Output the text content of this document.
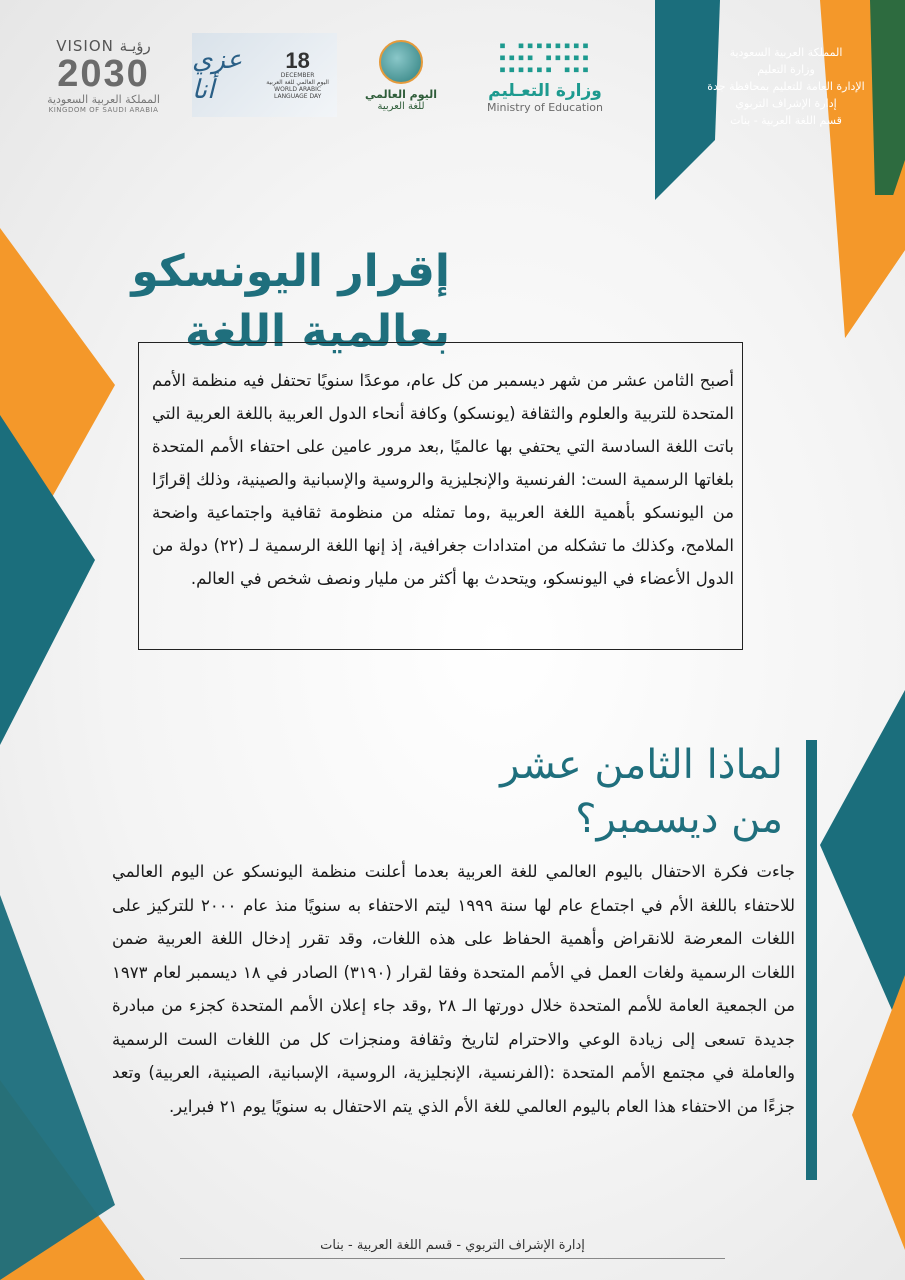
VISION رؤيـة
2030
المملكة العربية السعودية
KINGDOM OF SAUDI ARABIA
عزي أنا
18
DECEMBER
اليوم العالمي للغة العربية
WORLD ARABIC LANGUAGE DAY	اليوم العالمي
للغة العربية
▪ ▪▪▪▪▪▪▪▪
▪▪▪▪ ▪▪▪▪▪
▪▪▪▪▪▪ ▪▪▪
وزارة التعـليم
Ministry of Education
المملكة العربية السعودية
وزارة التعليم
الإدارة العامة للتعليم بمحافظة جدة
إدارة الإشراف التربوي
قسم اللغة العربية - بنات
إقرار اليونسكو
بعالمية اللغة
أصبح الثامن عشر من شهر ديسمبر من كل عام، موعدًا سنويًا تحتفل فيه منظمة الأمم المتحدة للتربية والعلوم والثقافة (يونسكو) وكافة أنحاء الدول العربية باللغة العربية التي باتت اللغة السادسة التي يحتفي بها عالميًا ,بعد مرور عامين على احتفاء الأمم المتحدة بلغاتها الرسمية الست: الفرنسية والإنجليزية والروسية والإسبانية والصينية، وذلك إقرارًا من اليونسكو بأهمية اللغة العربية ,وما تمثله من منظومة ثقافية واجتماعية واضحة الملامح، وكذلك ما تشكله من امتدادات جغرافية، إذ إنها اللغة الرسمية لـ (٢٢) دولة من الدول الأعضاء في اليونسكو، ويتحدث بها أكثر من مليار ونصف شخص في العالم.
لماذا الثامن عشر
من ديسمبر؟
جاءت فكرة الاحتفال باليوم العالمي للغة العربية بعدما أعلنت منظمة اليونسكو عن اليوم العالمي للاحتفاء باللغة الأم في اجتماع عام لها سنة ١٩٩٩ ليتم الاحتفاء به سنويًا منذ عام ٢٠٠٠ للتركيز على اللغات المعرضة للانقراض وأهمية الحفاظ على هذه اللغات، وقد تقرر إدخال اللغة العربية ضمن اللغات الرسمية ولغات العمل في الأمم المتحدة وفقا لقرار (٣١٩٠) الصادر في ١٨ ديسمبر لعام ١٩٧٣ من الجمعية العامة للأمم المتحدة خلال دورتها الـ ٢٨ ,وقد جاء إعلان الأمم المتحدة كجزء من مبادرة جديدة تسعى إلى زيادة الوعي والاحترام لتاريخ وثقافة ومنجزات كل من اللغات الست الرسمية والعاملة في مجتمع الأمم المتحدة :(الفرنسية، الإنجليزية، الروسية، الإسبانية، الصينية، العربية) وتعد جزءًا من الاحتفاء هذا العام باليوم العالمي للغة الأم الذي يتم الاحتفال به سنويًا يوم ٢١ فبراير.
إدارة الإشراف التربوي - قسم اللغة العربية - بنات
